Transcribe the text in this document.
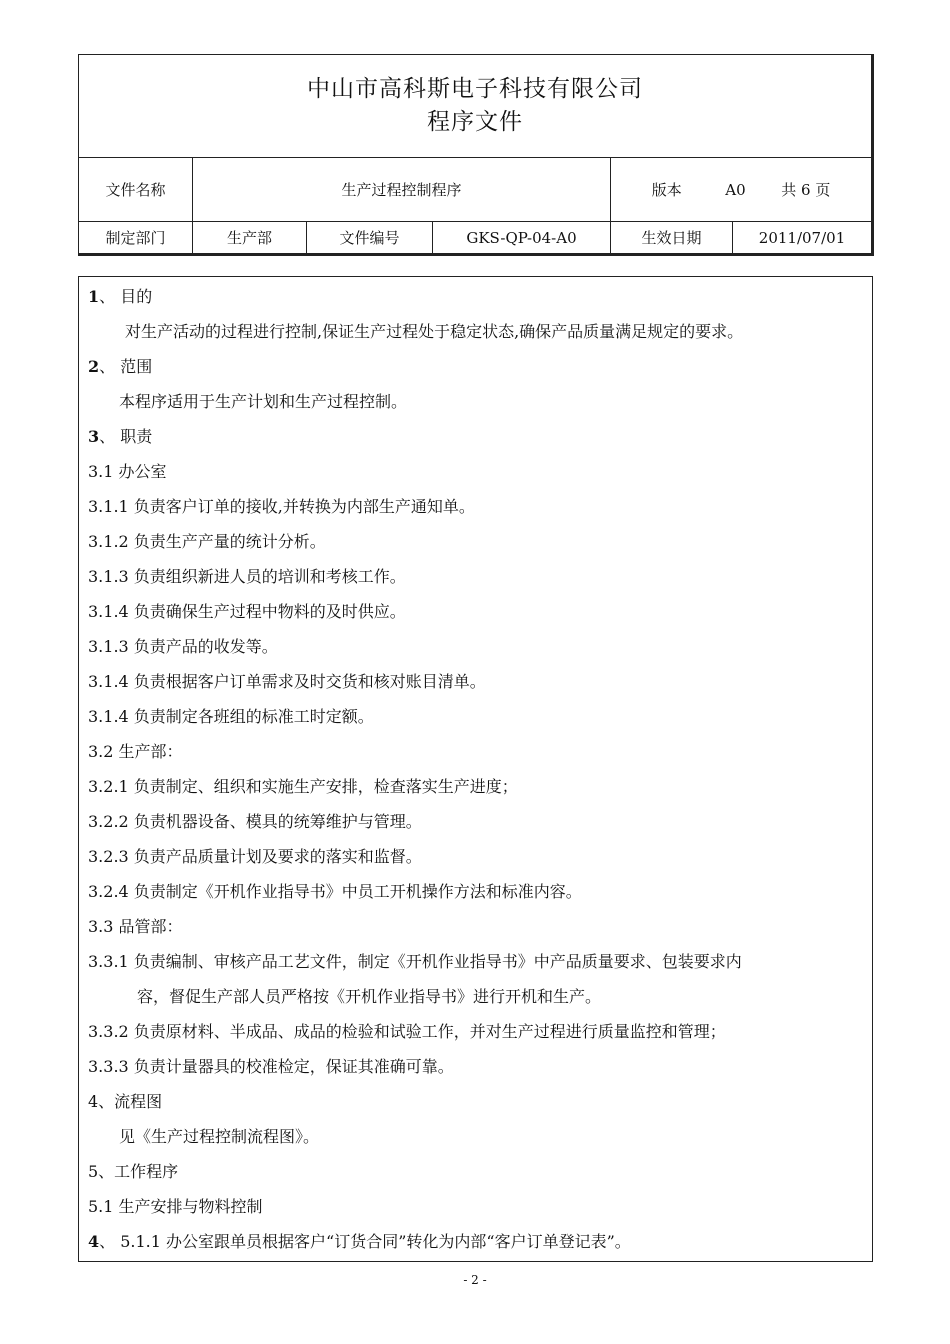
中山市高科斯电子科技有限公司
程序文件					

文件名称	生产过程控制程序			版本 A0 共 6 页	
制定部门	生产部	文件编号	GKS-QP-04-A0	生效日期	2011/07/01
1、 目的
对生产活动的过程进行控制,保证生产过程处于稳定状态,确保产品质量满足规定的要求。
2、 范围
本程序适用于生产计划和生产过程控制。
3、 职责
3.1 办公室
3.1.1 负责客户订单的接收,并转换为内部生产通知单。
3.1.2 负责生产产量的统计分析。
3.1.3 负责组织新进人员的培训和考核工作。
3.1.4 负责确保生产过程中物料的及时供应。
3.1.3 负责产品的收发等。
3.1.4 负责根据客户订单需求及时交货和核对账目清单。
3.1.4 负责制定各班组的标准工时定额。
3.2 生产部：
3.2.1 负责制定、组织和实施生产安排，检查落实生产进度；
3.2.2 负责机器设备、模具的统筹维护与管理。
3.2.3 负责产品质量计划及要求的落实和监督。
3.2.4 负责制定《开机作业指导书》中员工开机操作方法和标准内容。
3.3 品管部：
3.3.1 负责编制、审核产品工艺文件，制定《开机作业指导书》中产品质量要求、包装要求内
容，督促生产部人员严格按《开机作业指导书》进行开机和生产。
3.3.2 负责原材料、半成品、成品的检验和试验工作，并对生产过程进行质量监控和管理；
3.3.3 负责计量器具的校准检定，保证其准确可靠。
4、流程图
见《生产过程控制流程图》。
5、工作程序
5.1 生产安排与物料控制
4、 5.1.1 办公室跟单员根据客户“订货合同”转化为内部“客户订单登记表”。
- 2 -
